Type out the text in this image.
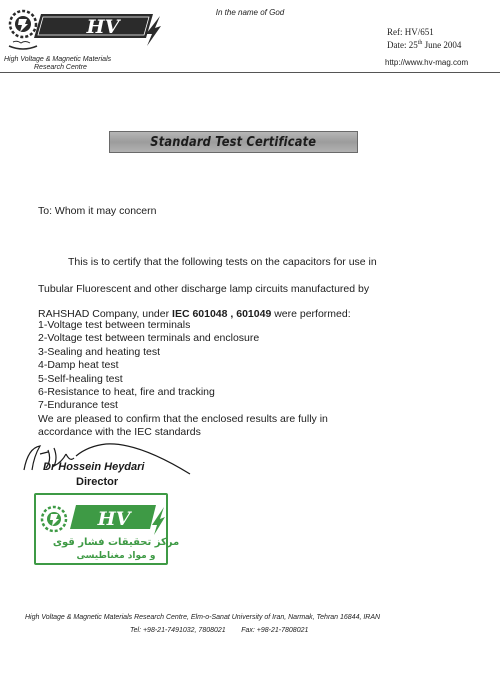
HV
High Voltage & Magnetic Materials
Research Centre
In the name of God
Ref: HV/651
Date: 25th June 2004
http://www.hv-mag.com
Standard Test Certificate
To: Whom it may concern
This is to certify that the following tests on the capacitors for use in
Tubular Fluorescent and other discharge lamp circuits manufactured by
RAHSHAD Company, under IEC 601048 , 601049 were performed:
1-Voltage test between terminals
2-Voltage test between terminals and enclosure
3-Sealing and heating test
4-Damp heat test
5-Self-healing test
6-Resistance to heat, fire and tracking
7-Endurance test
We are pleased to confirm that the enclosed results are fully in
accordance with the IEC standards
Dr Hossein Heydari
Director
HV
مرکز تحقیقات فشار قوی
و مواد مغناطیسی
High Voltage & Magnetic Materials Research Centre, Elm-o-Sanat University of Iran, Narmak, Tehran 16844, IRAN
Tel: +98-21-7491032, 7808021        Fax: +98-21-7808021
